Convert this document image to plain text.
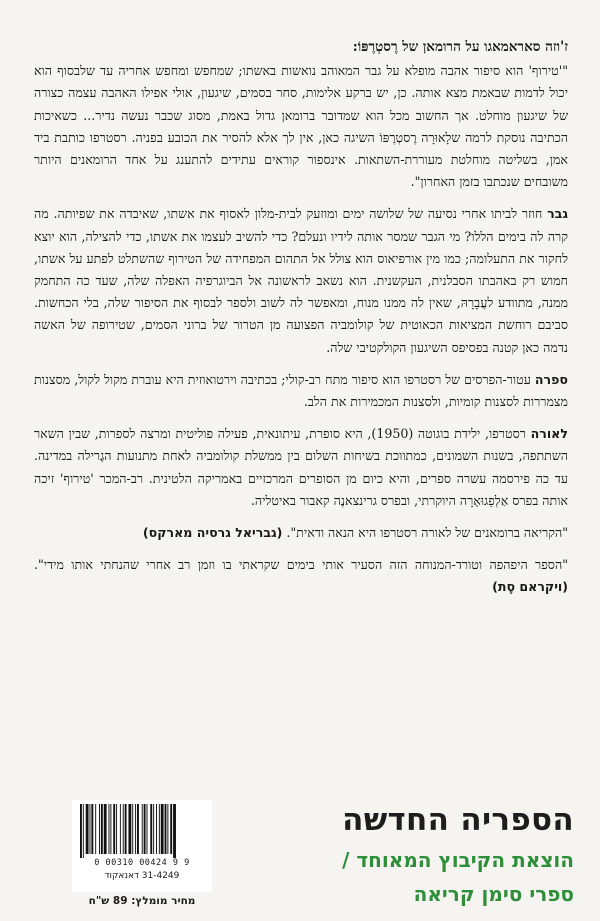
ז'וזה סאראמאגו על הרומאן של רֶסטְרֶפּוֹ:

"'טירוף' הוא סיפור אהבה מופלא על גבר המאוהב נואשות באשתו; שמחפש ומחפש אחריה עד שלבסוף הוא יכול לדמות שבאמת מצא אותה. כן, יש ברקע אלימות, סחר בסמים, שיגעון, אולי אפילו האהבה עצמה כצורה של שיגעון מוחלט. אך החשוב מכל הוא שמדובר ברומאן גדול באמת, מסוג שכבר נעשה נדיר... כשאיכות הכתיבה נוסקת לרמה שלָאוּרָה רֶסטְרֶפּוֹ השיגה כאן, אין לך אלא להסיר את הכובע בפניה. רסטרפו כותבת ביד אמן, בשליטה מוחלטת מעוררת-השתאות. אינספור קוראים עתידים להתענג על אחד הרומאנים היותר משובחים שנכתבו בזמן האחרון".

גבר חוזר לביתו אחרי נסיעה של שלושה ימים ומוזעק לבית-מלון לאסוף את אשתו, שאיבדה את שפיותה. מה קרה לה בימים הללו? מי הגבר שמסר אותה לידיו ונעלם? כדי להשיב לעצמו את אשתו, כדי להצילה, הוא יוצא לחקור את התעלומה; כמו מין אורפיאוס הוא צולל אל התהום המפחידה של הטירוף שהשתלט לפתע על אשתו, חמוש רק באהבתו הסבלנית, העקשנית. הוא נשאב לראשונה אל הביוגרפיה האפלה שלה, שעד כה התחמק ממנה, מתוודע לעֲבָרָהּ, שאין לה ממנו מנוח, ומאפשר לה לשוב ולספר לבסוף את הסיפור שלה, בלי הכחשות. סביבם רוחשת המציאות הכאוטית של קולומביה הפצועה מן הטרור של ברוני הסמים, שטירופה של האשה נדמה כאן קטנה בפסיפס השיגעון הקולקטיבי שלה.

ספרה עטור-הפרסים של רסטרפו הוא סיפור מתח רב-קולי; בכתיבה וירטואוזית היא עוברת מקול לקול, מסצנות מצמררות לסצנות קומיות, ולסצנות המכמירות את הלב.

לאורה רסטרפו, ילידת בוגוטה (1950), היא סופרת, עיתונאית, פעילה פוליטית ומרצה לספרות, שבין השאר השתתפה, בשנות השמונים, כמתווכת בשיחות השלום בין ממשלת קולומביה לאחת מתנועות הגֶרילה במדינה. עד כה פירסמה עשרה ספרים, והיא כיום מן הסופרים המרכזיים באמריקה הלטינית. רב-המכר 'טירוף' זיכה אותה בפרס אַלְפַגוּאָרָה היוקרתי, ובפרס גרינצאנֶה קאבור באיטליה.

"הקריאה ברומאנים של לאורה רסטרפו היא הנאה ודאית". (גבריאל גרסיה מארקס)

"הספר היפהפה וטורד-המנוחה הזה הסעיר אותי בימים שקראתי בו וזמן רב אחרי שהנחתי אותו מידי". (ויקראם סֶת)

הספריה החדשה
הוצאת הקיבוץ המאוחד /
ספרי סימן קריאה
0 00310 00424 9 9
31-4249 דאנאקוד
מחיר מומלץ: 89 ש"ח
